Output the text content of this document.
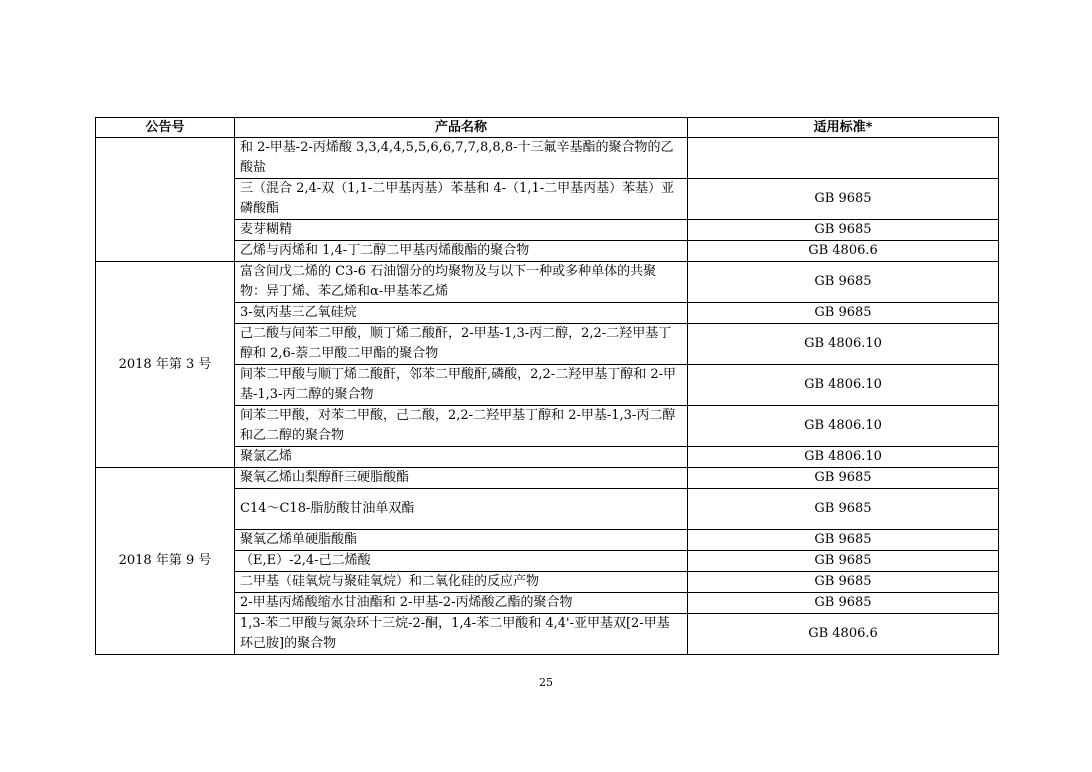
公告号	产品名称	适用标准*
	和 2-甲基-2-丙烯酸 3,3,4,4,5,5,6,6,7,7,8,8,8-十三氟辛基酯的聚合物的乙酸盐	
	三（混合 2,4-双（1,1-二甲基丙基）苯基和 4-（1,1-二甲基丙基）苯基）亚磷酸酯	GB 9685
	麦芽糊精	GB 9685
	乙烯与丙烯和 1,4-丁二醇二甲基丙烯酸酯的聚合物	GB 4806.6
2018 年第 3 号	富含间戊二烯的 C3-6 石油馏分的均聚物及与以下一种或多种单体的共聚物：异丁烯、苯乙烯和α-甲基苯乙烯	GB 9685
	3-氨丙基三乙氧硅烷	GB 9685
	己二酸与间苯二甲酸，顺丁烯二酸酐，2-甲基-1,3-丙二醇，2,2-二羟甲基丁醇和 2,6-萘二甲酸二甲酯的聚合物	GB 4806.10
	间苯二甲酸与顺丁烯二酸酐，邻苯二甲酸酐,磷酸，2,2-二羟甲基丁醇和 2-甲基-1,3-丙二醇的聚合物	GB 4806.10
	间苯二甲酸，对苯二甲酸，己二酸，2,2-二羟甲基丁醇和 2-甲基-1,3-丙二醇和乙二醇的聚合物	GB 4806.10
	聚氯乙烯	GB 4806.10
2018 年第 9 号	聚氧乙烯山梨醇酐三硬脂酸酯	GB 9685
	C14～C18-脂肪酸甘油单双酯	GB 9685
	聚氧乙烯单硬脂酸酯	GB 9685
	（E,E）-2,4-己二烯酸	GB 9685
	二甲基（硅氧烷与聚硅氧烷）和二氧化硅的反应产物	GB 9685
	2-甲基丙烯酸缩水甘油酯和 2-甲基-2-丙烯酸乙酯的聚合物	GB 9685
	1,3-苯二甲酸与氮杂环十三烷-2-酮，1,4-苯二甲酸和 4,4'-亚甲基双[2-甲基环己胺]的聚合物	GB 4806.6
25
